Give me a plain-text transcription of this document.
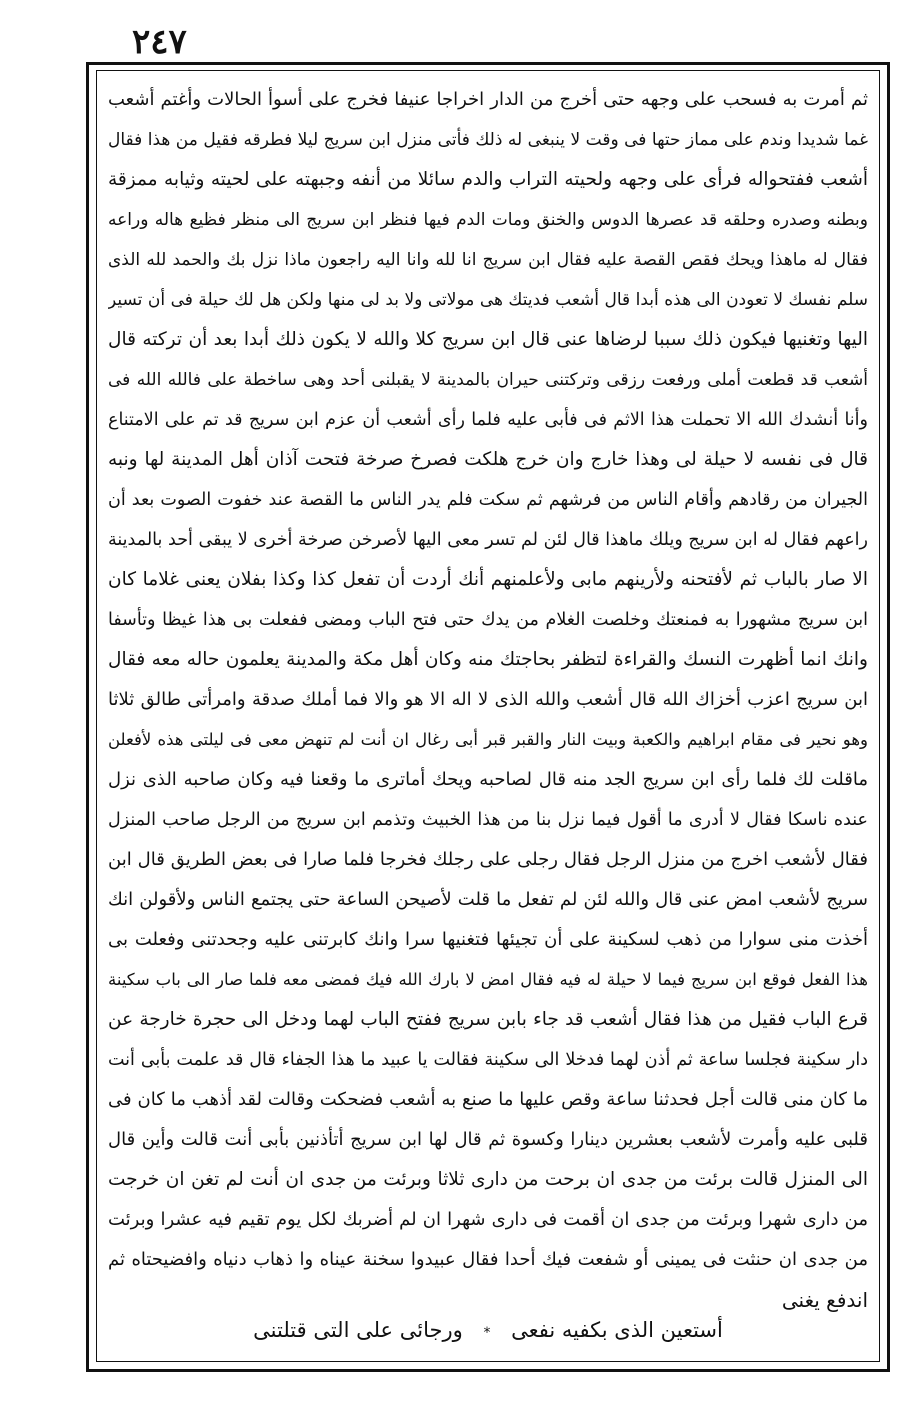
٢٤٧
ثم أمرت به فسحب على وجهه حتى أخرج من الدار اخراجا عنيفا فخرج على أسوأ الحالات وأغتم أشعب
غما شديدا وندم على مماز حتها فى وقت لا ينبغى له ذلك فأتى منزل ابن سريج ليلا فطرقه فقيل من هذا فقال
أشعب ففتحواله فرأى على وجهه ولحيته التراب والدم سائلا من أنفه وجبهته على لحيته وثيابه ممزقة
وبطنه وصدره وحلقه قد عصرها الدوس والخنق ومات الدم فيها فنظر ابن سريج الى منظر فظيع هاله وراعه
فقال له ماهذا ويحك فقص القصة عليه فقال ابن سريج انا لله وانا اليه راجعون ماذا نزل بك والحمد لله الذى
سلم نفسك لا تعودن الى هذه أبدا قال أشعب فديتك هى مولاتى ولا بد لى منها ولكن هل لك حيلة فى أن تسير
اليها وتغنيها فيكون ذلك سببا لرضاها عنى قال ابن سريج كلا والله لا يكون ذلك أبدا بعد أن تركته قال
أشعب قد قطعت أملى ورفعت رزقى وتركتنى حيران بالمدينة لا يقبلنى أحد وهى ساخطة على فالله الله فى
وأنا أنشدك الله الا تحملت هذا الاثم فى فأبى عليه فلما رأى أشعب أن عزم ابن سريج قد تم على الامتناع
قال فى نفسه لا حيلة لى وهذا خارج وان خرج هلكت فصرخ صرخة فتحت آذان أهل المدينة لها ونبه
الجيران من رقادهم وأقام الناس من فرشهم ثم سكت فلم يدر الناس ما القصة عند خفوت الصوت بعد أن
راعهم فقال له ابن سريج ويلك ماهذا قال لئن لم تسر معى اليها لأصرخن صرخة أخرى لا يبقى أحد بالمدينة
الا صار بالباب ثم لأفتحنه ولأرينهم مابى ولأعلمنهم أنك أردت أن تفعل كذا وكذا بفلان يعنى غلاما كان
ابن سريج مشهورا به فمنعتك وخلصت الغلام من يدك حتى فتح الباب ومضى ففعلت بى هذا غيظا وتأسفا
وانك انما أظهرت النسك والقراءة لتظفر بحاجتك منه وكان أهل مكة والمدينة يعلمون حاله معه فقال
ابن سريج اعزب أخزاك الله قال أشعب والله الذى لا اله الا هو والا فما أملك صدقة وامرأتى طالق ثلاثا
وهو نحير فى مقام ابراهيم والكعبة وبيت النار والقبر قبر أبى رغال ان أنت لم تنهض معى فى ليلتى هذه لأفعلن
ماقلت لك فلما رأى ابن سريج الجد منه قال لصاحبه ويحك أماترى ما وقعنا فيه وكان صاحبه الذى نزل
عنده ناسكا فقال لا أدرى ما أقول فيما نزل بنا من هذا الخبيث وتذمم ابن سريج من الرجل صاحب المنزل
فقال لأشعب اخرج من منزل الرجل فقال رجلى على رجلك فخرجا فلما صارا فى بعض الطريق قال ابن
سريج لأشعب امض عنى قال والله لئن لم تفعل ما قلت لأصيحن الساعة حتى يجتمع الناس ولأقولن انك
أخذت منى سوارا من ذهب لسكينة على أن تجيئها فتغنيها سرا وانك كابرتنى عليه وجحدتنى وفعلت بى
هذا الفعل فوقع ابن سريج فيما لا حيلة له فيه فقال امض لا بارك الله فيك فمضى معه فلما صار الى باب سكينة
قرع الباب فقيل من هذا فقال أشعب قد جاء بابن سريج ففتح الباب لهما ودخل الى حجرة خارجة عن
دار سكينة فجلسا ساعة ثم أذن لهما فدخلا الى سكينة فقالت يا عبيد ما هذا الجفاء قال قد علمت بأبى أنت
ما كان منى قالت أجل فحدثنا ساعة وقص عليها ما صنع به أشعب فضحكت وقالت لقد أذهب ما كان فى
قلبى عليه وأمرت لأشعب بعشرين دينارا وكسوة ثم قال لها ابن سريج أتأذنين بأبى أنت قالت وأين قال
الى المنزل قالت برئت من جدى ان برحت من دارى ثلاثا وبرئت من جدى ان أنت لم تغن ان خرجت
من دارى شهرا وبرئت من جدى ان أقمت فى دارى شهرا ان لم أضربك لكل يوم تقيم فيه عشرا وبرئت
من جدى ان حنثت فى يمينى أو شفعت فيك أحدا فقال عبيدوا سخنة عيناه وا ذهاب دنياه وافضيحتاه ثم
اندفع يغنى
أستعين الذى بكفيه نفعى * ورجائى على التى قتلتنى
